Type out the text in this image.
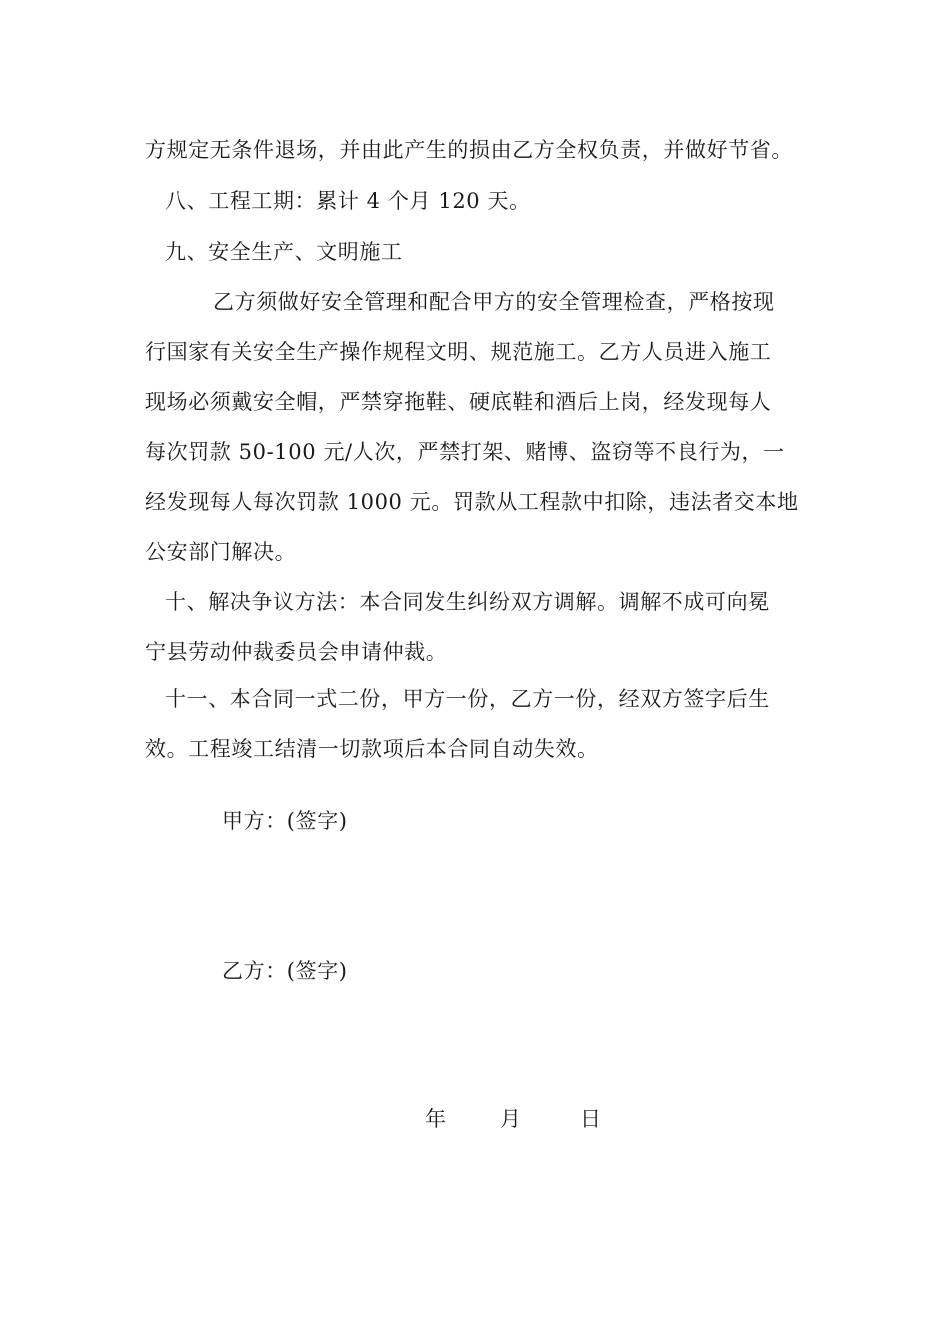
方规定无条件退场，并由此产生的损由乙方全权负责，并做好节省。
八、工程工期：累计 4 个月 120 天。
九、安全生产、文明施工
乙方须做好安全管理和配合甲方的安全管理检查，严格按现
行国家有关安全生产操作规程文明、规范施工。乙方人员进入施工
现场必须戴安全帽，严禁穿拖鞋、硬底鞋和酒后上岗，经发现每人
每次罚款 50-100 元/人次，严禁打架、赌博、盗窃等不良行为，一
经发现每人每次罚款 1000 元。罚款从工程款中扣除，违法者交本地
公安部门解决。
十、解决争议方法：本合同发生纠纷双方调解。调解不成可向冕
宁县劳动仲裁委员会申请仲裁。
十一、本合同一式二份，甲方一份，乙方一份，经双方签字后生
效。工程竣工结清一切款项后本合同自动失效。
甲方：(签字)
乙方：(签字)
年	月	日
